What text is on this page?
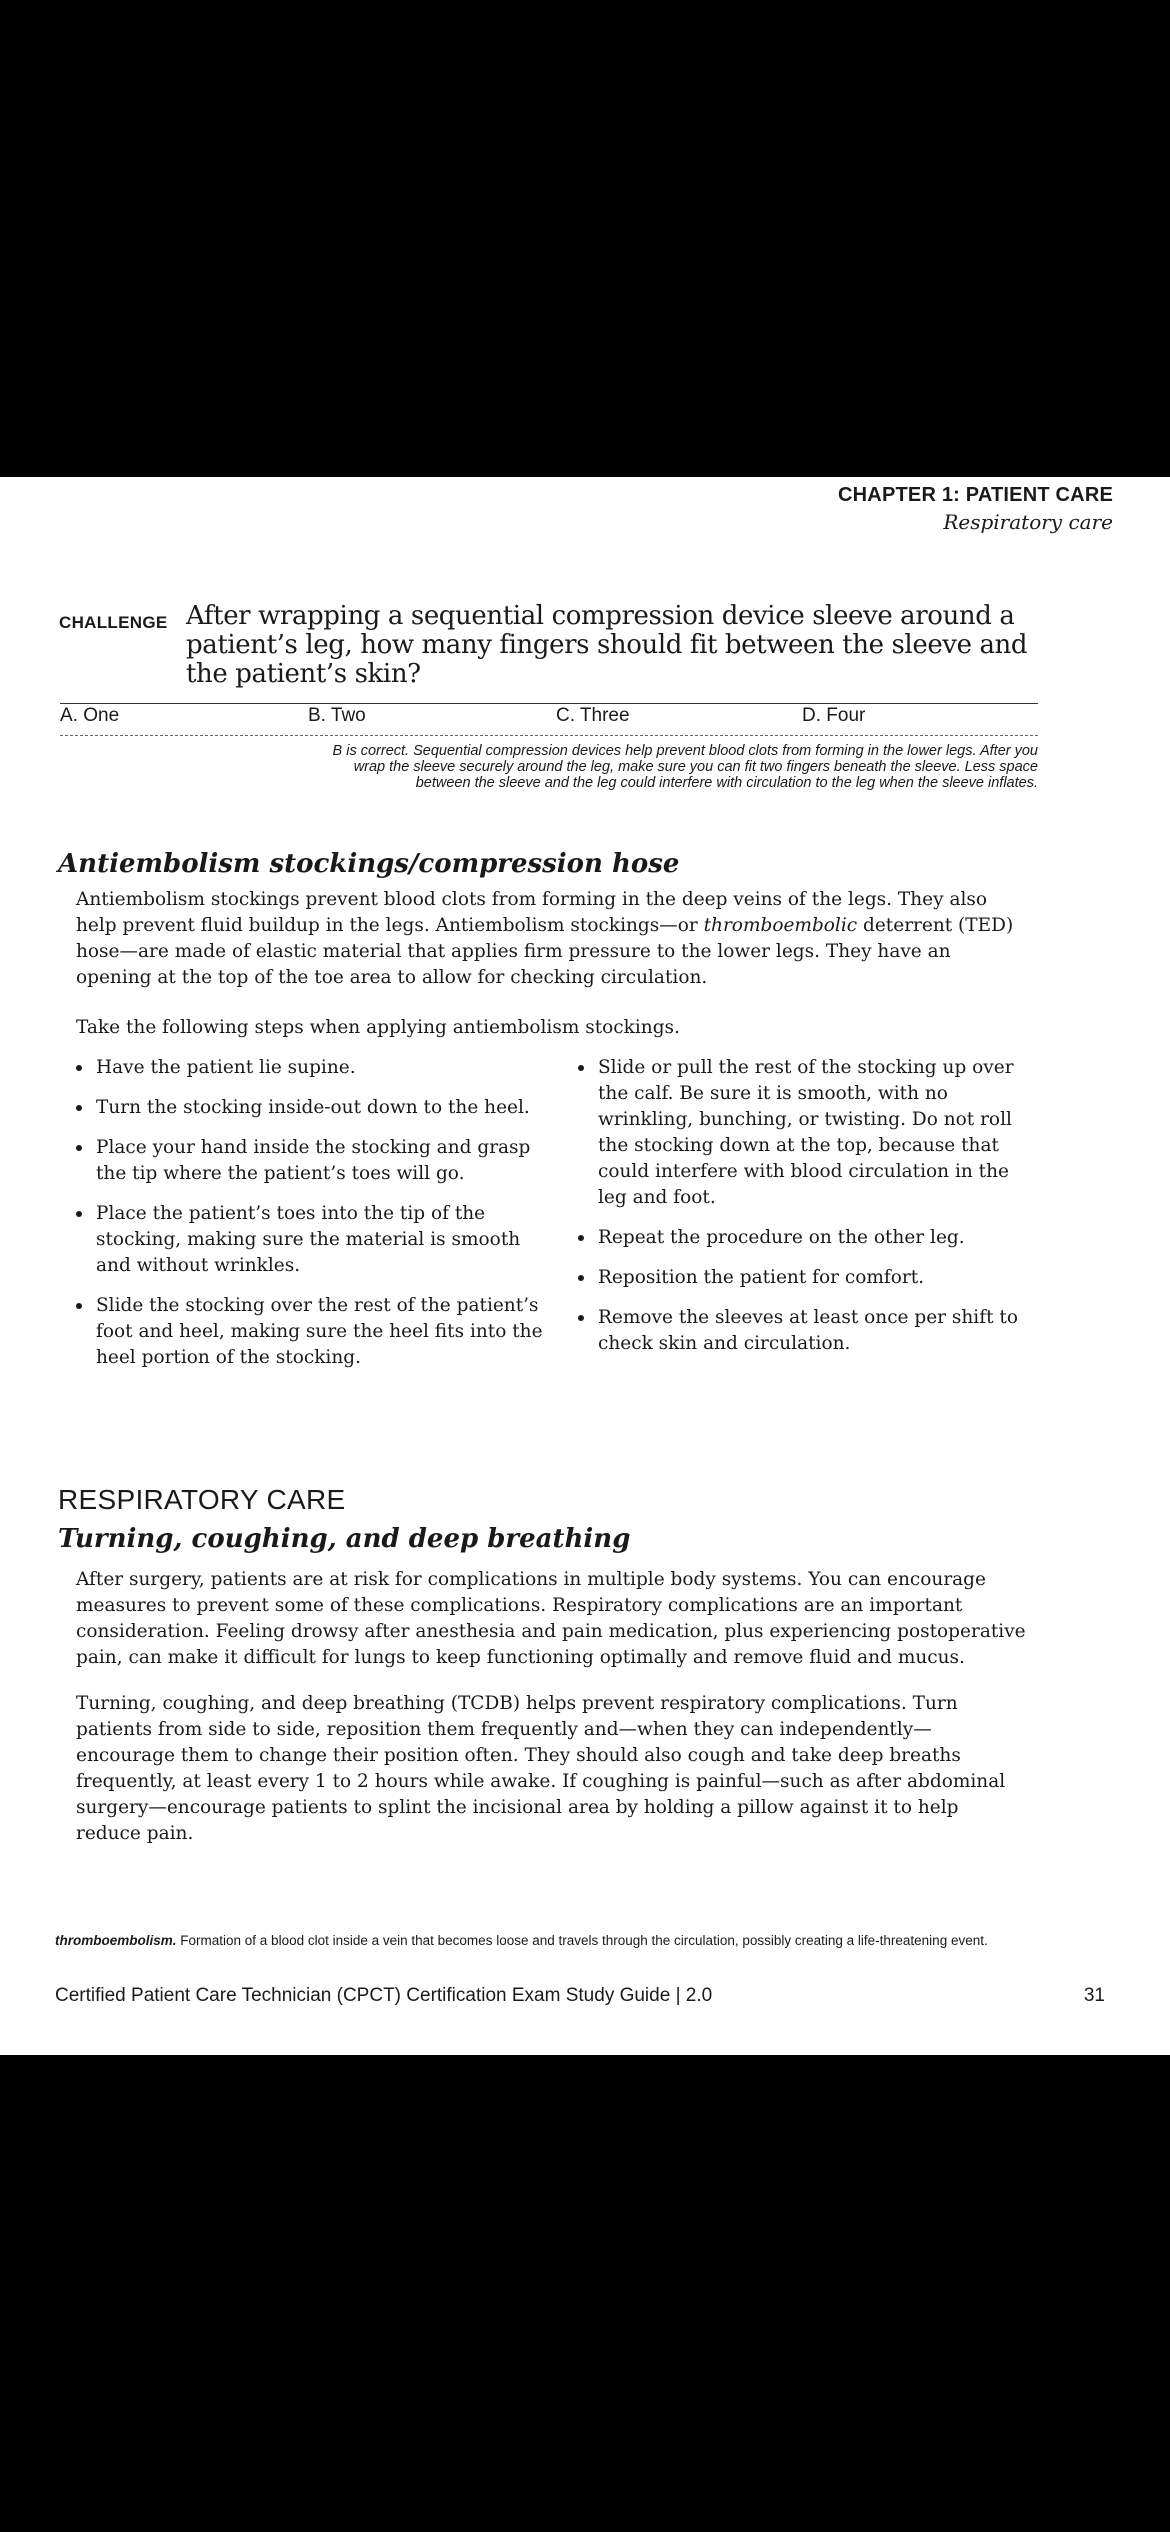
CHAPTER 1: PATIENT CARE
Respiratory care
CHALLENGE After wrapping a sequential compression device sleeve around a
patient’s leg, how many fingers should fit between the sleeve and
the patient’s skin?
A. One	B. Two	C. Three	D. Four
B is correct. Sequential compression devices help prevent blood clots from forming in the lower legs. After you
wrap the sleeve securely around the leg, make sure you can fit two fingers beneath the sleeve. Less space
between the sleeve and the leg could interfere with circulation to the leg when the sleeve inflates.
Antiembolism stockings/compression hose
Antiembolism stockings prevent blood clots from forming in the deep veins of the legs. They also
help prevent fluid buildup in the legs. Antiembolism stockings—or thromboembolic deterrent (TED)
hose—are made of elastic material that applies firm pressure to the lower legs. They have an
opening at the top of the toe area to allow for checking circulation.
Take the following steps when applying antiembolism stockings.
Have the patient lie supine.
Turn the stocking inside-out down to the heel.
Place your hand inside the stocking and grasp the tip where the patient’s toes will go.
Place the patient’s toes into the tip of the stocking, making sure the material is smooth and without wrinkles.
Slide the stocking over the rest of the patient’s foot and heel, making sure the heel fits into the heel portion of the stocking.
Slide or pull the rest of the stocking up over the calf. Be sure it is smooth, with no wrinkling, bunching, or twisting. Do not roll the stocking down at the top, because that could interfere with blood circulation in the leg and foot.
Repeat the procedure on the other leg.
Reposition the patient for comfort.
Remove the sleeves at least once per shift to check skin and circulation.
RESPIRATORY CARE
Turning, coughing, and deep breathing
After surgery, patients are at risk for complications in multiple body systems. You can encourage
measures to prevent some of these complications. Respiratory complications are an important
consideration. Feeling drowsy after anesthesia and pain medication, plus experiencing postoperative
pain, can make it difficult for lungs to keep functioning optimally and remove fluid and mucus.
Turning, coughing, and deep breathing (TCDB) helps prevent respiratory complications. Turn
patients from side to side, reposition them frequently and—when they can independently—
encourage them to change their position often. They should also cough and take deep breaths
frequently, at least every 1 to 2 hours while awake. If coughing is painful—such as after abdominal
surgery—encourage patients to splint the incisional area by holding a pillow against it to help
reduce pain.
thromboembolism. Formation of a blood clot inside a vein that becomes loose and travels through the circulation, possibly creating a life-threatening event.
Certified Patient Care Technician (CPCT) Certification Exam Study Guide | 2.0	31
